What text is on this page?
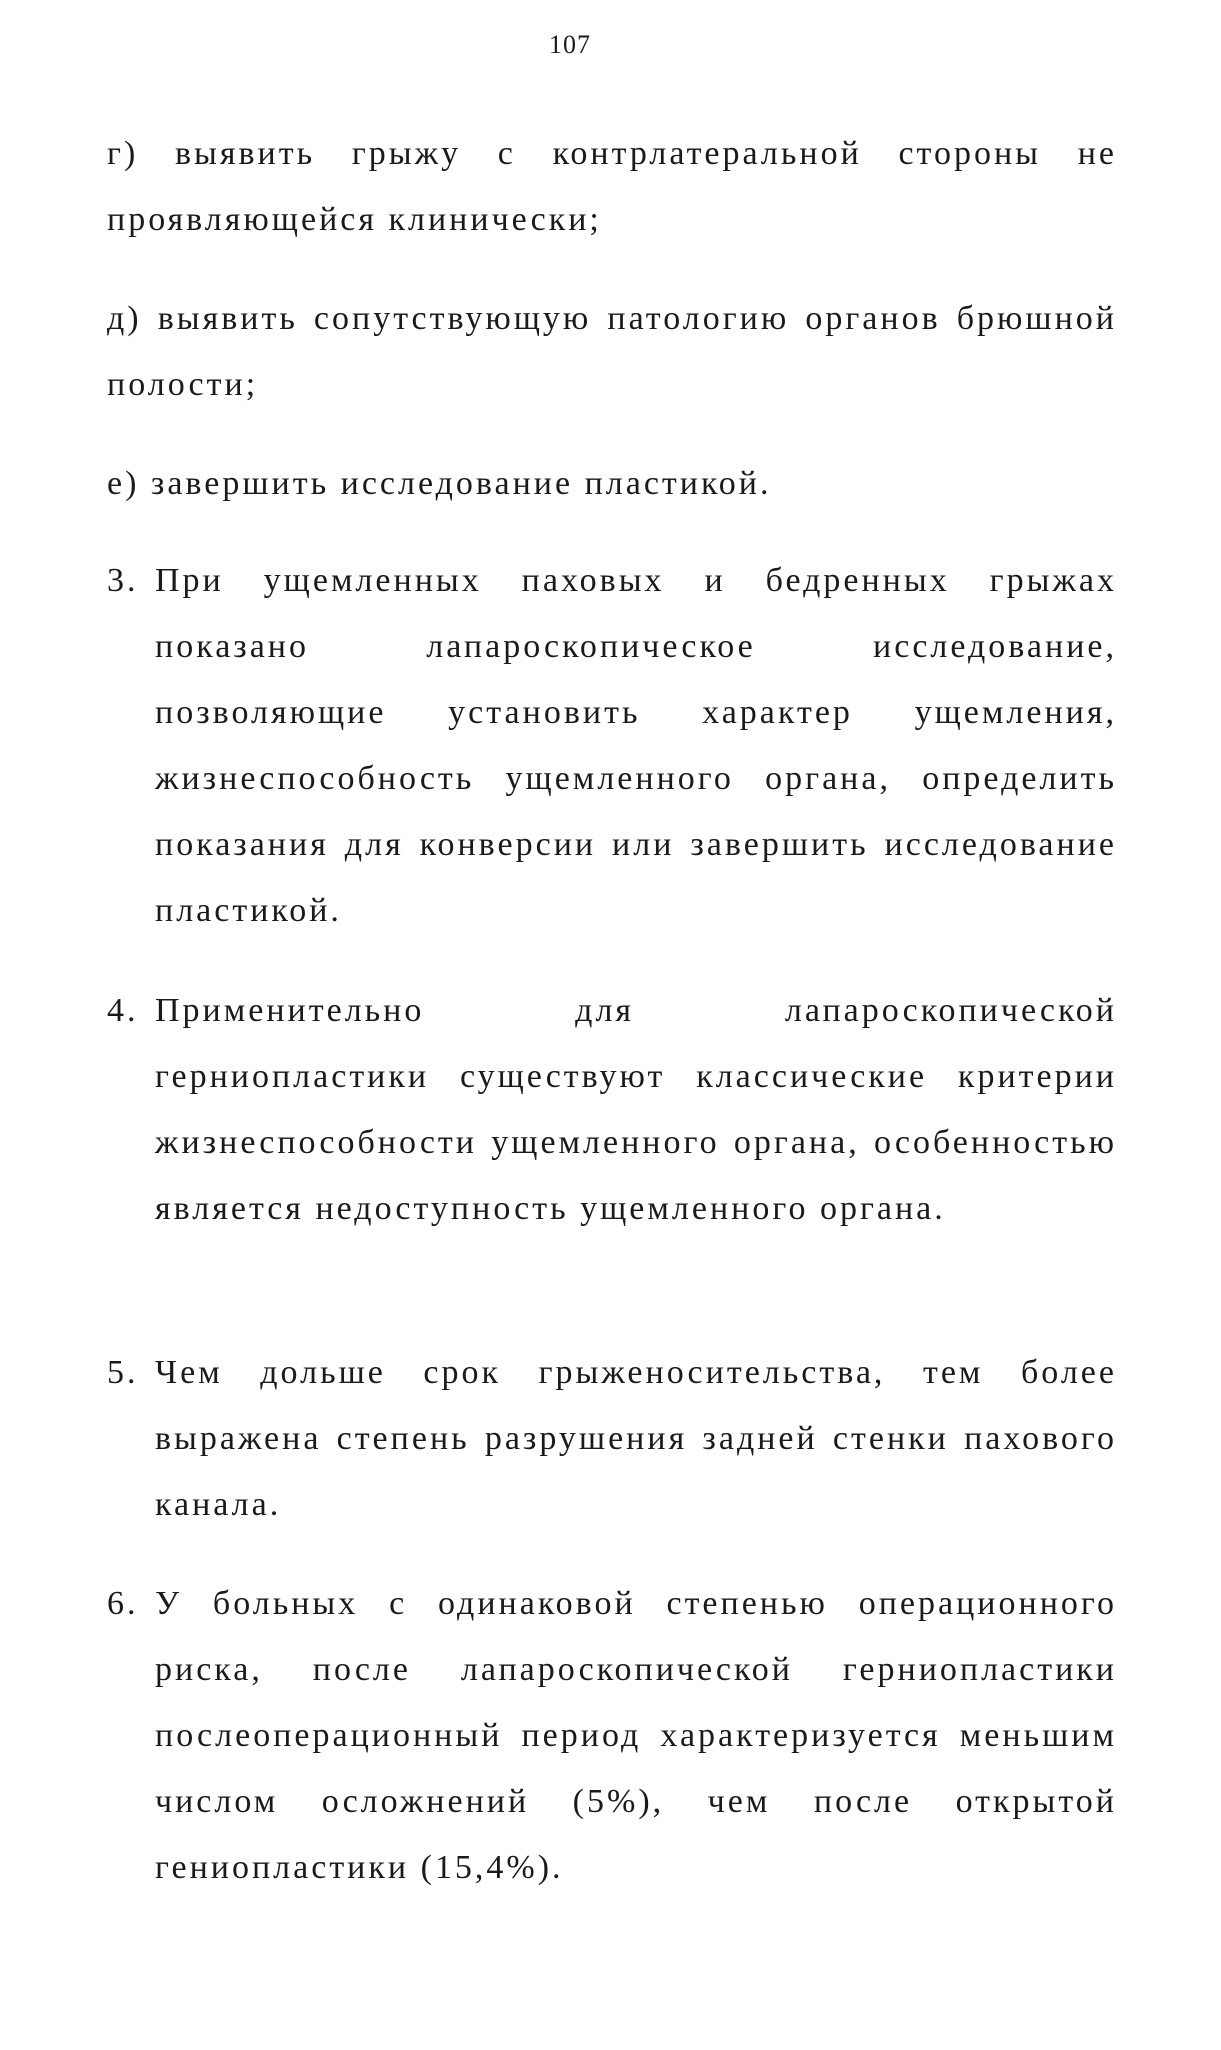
107
г) выявить грыжу с контрлатеральной стороны не проявляющейся клинически;
д) выявить сопутствующую патологию органов брюшной полости;
е) завершить исследование пластикой.
3. При ущемленных паховых и бедренных грыжах показано лапароскопическое исследование, позволяющие установить характер ущемления, жизнеспособность ущемленного органа, определить показания для конверсии или завершить исследование пластикой.
4. Применительно для лапароскопической герниопластики существуют классические критерии жизнеспособности ущемленного органа, особенностью является недоступность ущемленного органа.
5. Чем дольше срок грыженосительства, тем более выражена степень разрушения задней стенки пахового канала.
6. У больных с одинаковой степенью операционного риска, после лапароскопической герниопластики послеоперационный период характеризуется меньшим числом осложнений (5%), чем после открытой гениопластики (15,4%).
